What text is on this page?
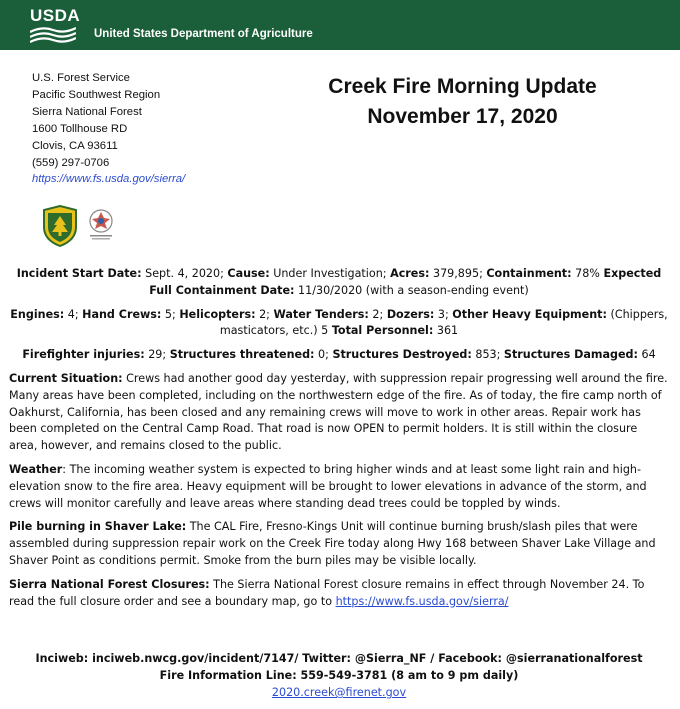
USDA
United States Department of Agriculture
U.S. Forest Service
Pacific Southwest Region
Sierra National Forest
1600 Tollhouse RD
Clovis, CA 93611
(559) 297-0706
https://www.fs.usda.gov/sierra/
Creek Fire Morning Update
November 17, 2020
Incident Start Date: Sept. 4, 2020; Cause: Under Investigation; Acres: 379,895; Containment: 78% Expected Full Containment Date: 11/30/2020 (with a season-ending event)
Engines: 4; Hand Crews: 5; Helicopters: 2; Water Tenders: 2; Dozers: 3; Other Heavy Equipment: (Chippers, masticators, etc.) 5 Total Personnel: 361
Firefighter injuries: 29; Structures threatened: 0; Structures Destroyed: 853; Structures Damaged: 64
Current Situation: Crews had another good day yesterday, with suppression repair progressing well around the fire. Many areas have been completed, including on the northwestern edge of the fire. As of today, the fire camp north of Oakhurst, California, has been closed and any remaining crews will move to work in other areas. Repair work has been completed on the Central Camp Road. That road is now OPEN to permit holders. It is still within the closure area, however, and remains closed to the public.
Weather: The incoming weather system is expected to bring higher winds and at least some light rain and high-elevation snow to the fire area. Heavy equipment will be brought to lower elevations in advance of the storm, and crews will monitor carefully and leave areas where standing dead trees could be toppled by winds.
Pile burning in Shaver Lake: The CAL Fire, Fresno-Kings Unit will continue burning brush/slash piles that were assembled during suppression repair work on the Creek Fire today along Hwy 168 between Shaver Lake Village and Shaver Point as conditions permit. Smoke from the burn piles may be visible locally.
Sierra National Forest Closures: The Sierra National Forest closure remains in effect through November 24. To read the full closure order and see a boundary map, go to https://www.fs.usda.gov/sierra/
Inciweb: inciweb.nwcg.gov/incident/7147/ Twitter: @Sierra_NF / Facebook: @sierranationalforest
Fire Information Line: 559-549-3781 (8 am to 9 pm daily)
2020.creek@firenet.gov
